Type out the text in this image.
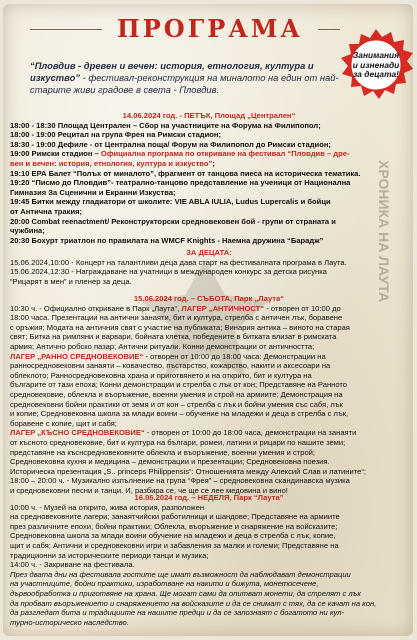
ХРОНИКА НА ЛАУТА
ПРОГРАМА
Занимания и изненади за децата!
“Пловдив - древен и вечен: история, етнология, култура и изкуство” - фестивал-реконструкция на миналото на един от най-старите живи градове в света - Пловдив.
14.06.2024 год. - ПЕТЪК, Площад „Централен“
18:00 - 18:30 Площад Централен – Сбор на участниците на Форума на Филипопол;
18:00 - 19:00 Рецитал на група Фрея на Римски стадион;
18:30 - 19:00 Дефиле - от Централна поща/ Форум на Филипопол до Римски стадион;
19:00 Римски стадион – Официална програма по откриване на фестивал “Пловдив – дре-
вен и вечен: история, етнология, култура и изкуство”;
19:10 ЕРА Балет “Полъх от миналото”, фрагмент от танцова пиеса на историческа тематика.
19:20 “Писмо до Пловдив”- театрално-танцово представление на ученици от Национална
Гимназия За Сценични и Екранни Изкуства;
19:45 Битки между гладиатори от школите: VIE ABLA IULIA, Ludus Lupercalis и бойци
от Антична тракия;
20:00 Combat reenactment/ Реконструкторски средновековен бой - групи от страната и
чужбина;
20:30 Бохурт триатлон по правилата на WMCF Knights - Наемна дружина “Барадж”
ЗА ДЕЦАТА:
15.06.2024,10:00 - Концерт на талантливи деца дава старт на фестивалната програма в Лаута.
15.06.2024,12:30 - Награждаване на учатници в международен конкурс за детска рисунка
“Рицарят в мен” и пленер за деца.
15.06.2024 год. – СЪБОТА, Парк „Лаута“
10:30 ч. - Официално откриване в Парк „Лаута“, ЛАГЕР „АНТИЧНОСТ“ - отворен от 10:00 до
18:00 часа. Презентации на антични занаяти, бит и култура, стрелба с античен лък, боравене
с оръжия; Модата на античния свят с участие на публиката; Винария антика – виното на старая
свят; Битка на римляни и варвари, бойната клетка, победените в битката влизат в римската
армия; Антично робско пазар; Антични ритуали. Конни демонстрации от античността;
ЛАГЕР „РАННО СРЕДНОВЕКОВИЕ“ - отворен от 10:00 до 18:00 часа: Демонстрации на
ранносредновековни занаяти – ковачество, пъстарство, кожарство, накити и аксесоари на
облеклото; Ранносредновековна храна и приготвянето и на открито, бит и култура на
българите от тази епоха; Конни демонстрации и стрелба с лък от кон; Представяне на Ранното
средновековие, облекла и въоръжение, военни умения и строй на армиите; Демонстрация на
средновековни бойни практики от земя и от кон – стрелба с лък и бойни умения със сабя, лък
и копие; Средновековна школа за млади воини – обучение на младежи и деца в стрелба с лък,
боравене с копие, щит и сабя;
ЛАГЕР „КЪСНО СРЕДНОВЕКОВИЕ“ - отворен от 10:00 до 18:00 часа, демонстрации на занаяти
от късното средновековие, бит и култура на българи, ромеи, латини и рицари по нашите земи;
представяне на къснсредновековните облекла и въоръжение, военни умения и строй;
Средновековна кухня и медицина – демонстрации и презентации; Средновековна поезия.
Историческа презентация „S.. princeps Philippensis“: Отношенията между Алексий Слав и латините“;
18:00 – 20:00 ч. - Музикално изпълнение на група “Фрея” – средновековна скандинавска музика
и средновековни песни и танци. И, разбира се, че ще се лее медовина и вино!
16.06.2024 год. – НЕДЕЛЯ, Парк “Лаута”
10:00 ч. - Музей на открито, жива история, разположен
на средновековните лагери; занаятчийски работилници и шандове; Представяне на армиите
през различните епохи, бойни практики; Облекла, въоръжение и снаряжение на войсказите;
Средновековна школа за млади воини обучение на младежи и деца в стрелба с лък, копие,
щит и сабя; Антични и средновековни игри и забавления за малки и големи; Представяне на
традиционни за историческите периоди танци и музика;
14:00 ч. - Закриване на фестивала.
През двата дни на фестивала гостите ще имат възможност да наблюдават демонстрации
на участниците, бойни практики, изработване на накити и бижута, монетосечене,
дървообработка и приготвяне на храна. Ще могат сами да опитват монети, да стрелят с лък
да пробват въоръжението и снаряжението на войсказите и да се снимат с тях, да се качат на кон,
да разгледат бита и традициите на нашите предци и да се запознаят с богатото ни кул-
турно-историческо наследство.
